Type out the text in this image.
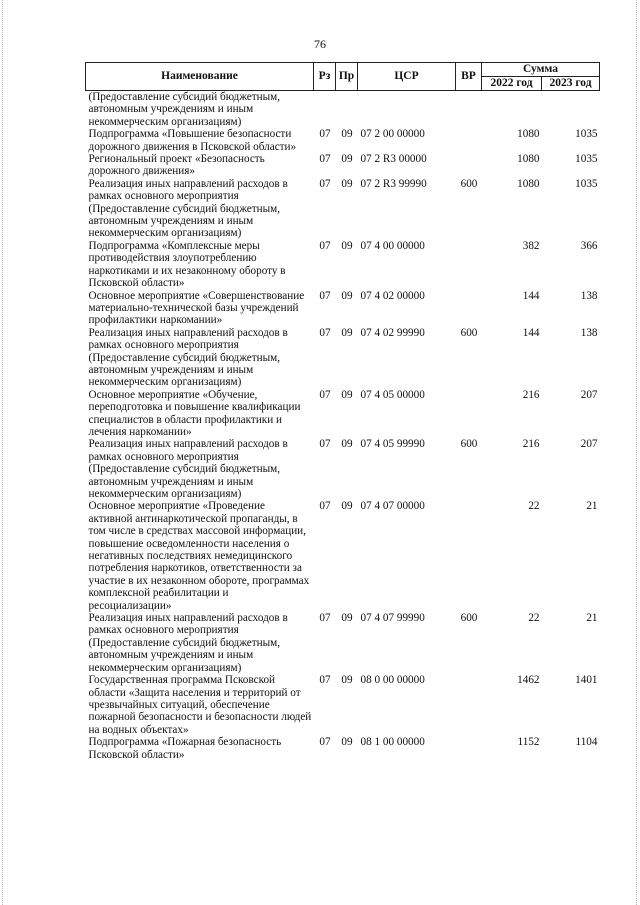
76
Наименование	Рз	Пр	ЦСР	ВР	Сумма	
					2022 год	2023 год
(Предоставление субсидий бюджетным, автономным учреждениям и иным некоммерческим организациям)						
Подпрограмма «Повышение безопасности дорожного движения в Псковской области»	07	09	07 2 00 00000		1080	1035
Региональный проект «Безопасность дорожного движения»	07	09	07 2 R3 00000		1080	1035
Реализация иных направлений расходов в рамках основного мероприятия (Предоставление субсидий бюджетным, автономным учреждениям и иным некоммерческим организациям)	07	09	07 2 R3 99990	600	1080	1035
Подпрограмма «Комплексные меры противодействия злоупотреблению наркотиками и их незаконному обороту в Псковской области»	07	09	07 4 00 00000		382	366
Основное мероприятие «Совершенствование материально-технической базы учреждений профилактики наркомании»	07	09	07 4 02 00000		144	138
Реализация иных направлений расходов в рамках основного мероприятия (Предоставление субсидий бюджетным, автономным учреждениям и иным некоммерческим организациям)	07	09	07 4 02 99990	600	144	138
Основное мероприятие «Обучение, переподготовка и повышение квалификации специалистов в области профилактики и лечения наркомании»	07	09	07 4 05 00000		216	207
Реализация иных направлений расходов в рамках основного мероприятия (Предоставление субсидий бюджетным, автономным учреждениям и иным некоммерческим организациям)	07	09	07 4 05 99990	600	216	207
Основное мероприятие «Проведение активной антинаркотической пропаганды, в том числе в средствах массовой информации, повышение осведомленности населения о негативных последствиях немедицинского потребления наркотиков, ответственности за участие в их незаконном обороте, программах комплексной реабилитации и ресоциализации»	07	09	07 4 07 00000		22	21
Реализация иных направлений расходов в рамках основного мероприятия (Предоставление субсидий бюджетным, автономным учреждениям и иным некоммерческим организациям)	07	09	07 4 07 99990	600	22	21
Государственная программа Псковской области «Защита населения и территорий от чрезвычайных ситуаций, обеспечение пожарной безопасности и безопасности людей на водных объектах»	07	09	08 0 00 00000		1462	1401
Подпрограмма «Пожарная безопасность Псковской области»	07	09	08 1 00 00000		1152	1104
